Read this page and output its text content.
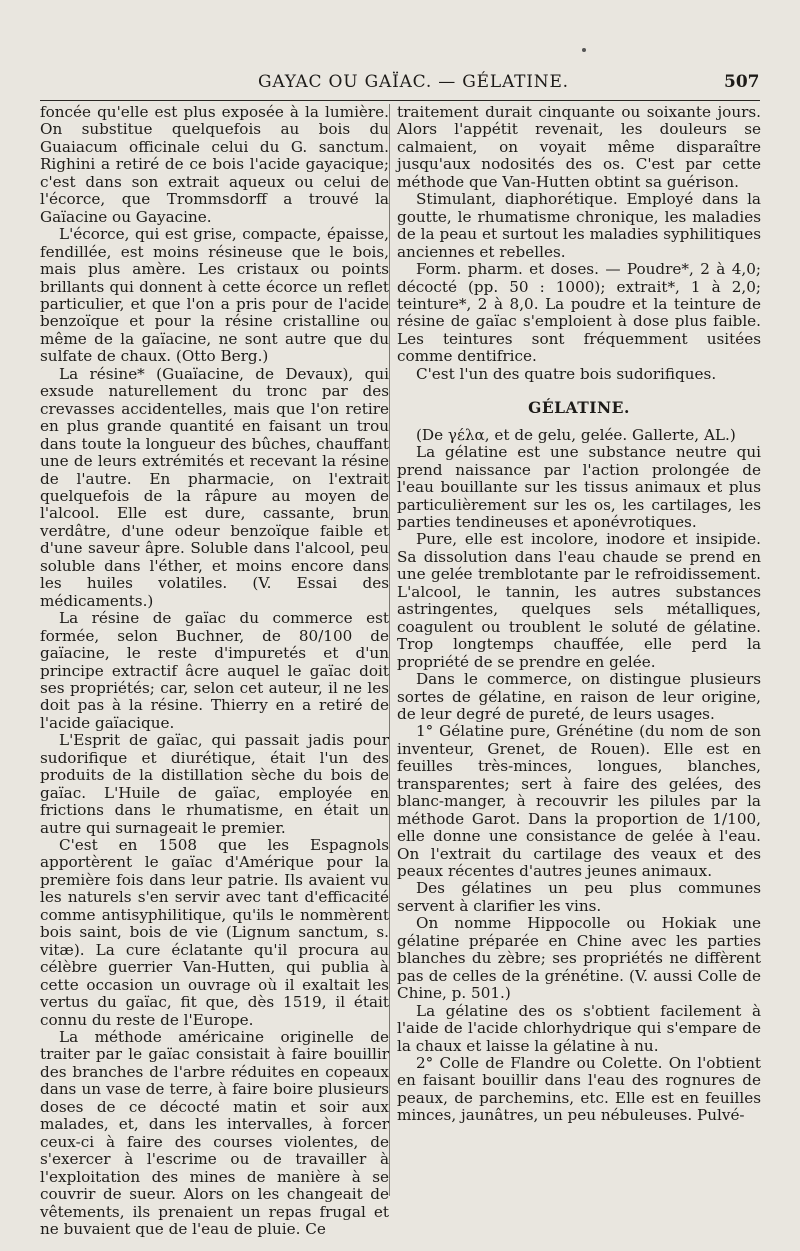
GAYAC OU GAÏAC. — GÉLATINE.	507

foncée qu'elle est plus exposée à la lumière. On substitue quelquefois au bois du Guaiacum officinale celui du G. sanctum. Righini a retiré de ce bois l'acide gayacique; c'est dans son extrait aqueux ou celui de l'écorce, que Trommsdorff a trouvé la Gaïacine ou Gayacine.

L'écorce, qui est grise, compacte, épaisse, fendillée, est moins résineuse que le bois, mais plus amère. Les cristaux ou points brillants qui donnent à cette écorce un reflet particulier, et que l'on a pris pour de l'acide benzoïque et pour la résine cristalline ou même de la gaïacine, ne sont autre que du sulfate de chaux. (Otto Berg.)

La résine* (Guaïacine, de Devaux), qui exsude naturellement du tronc par des crevasses accidentelles, mais que l'on retire en plus grande quantité en faisant un trou dans toute la longueur des bûches, chauffant une de leurs extrémités et recevant la résine de l'autre. En pharmacie, on l'extrait quelquefois de la râpure au moyen de l'alcool. Elle est dure, cassante, brun verdâtre, d'une odeur benzoïque faible et d'une saveur âpre. Soluble dans l'alcool, peu soluble dans l'éther, et moins encore dans les huiles volatiles. (V. Essai des médicaments.)

La résine de gaïac du commerce est formée, selon Buchner, de 80/100 de gaïacine, le reste d'impuretés et d'un principe extractif âcre auquel le gaïac doit ses propriétés; car, selon cet auteur, il ne les doit pas à la résine. Thierry en a retiré de l'acide gaïacique.

L'Esprit de gaïac, qui passait jadis pour sudorifique et diurétique, était l'un des produits de la distillation sèche du bois de gaïac. L'Huile de gaïac, employée en frictions dans le rhumatisme, en était un autre qui surnageait le premier.

C'est en 1508 que les Espagnols apportèrent le gaïac d'Amérique pour la première fois dans leur patrie. Ils avaient vu les naturels s'en servir avec tant d'efficacité comme antisyphilitique, qu'ils le nommèrent bois saint, bois de vie (Lignum sanctum, s. vitæ). La cure éclatante qu'il procura au célèbre guerrier Van-Hutten, qui publia à cette occasion un ouvrage où il exaltait les vertus du gaïac, fit que, dès 1519, il était connu du reste de l'Europe.

La méthode américaine originelle de traiter par le gaïac consistait à faire bouillir des branches de l'arbre réduites en copeaux dans un vase de terre, à faire boire plusieurs doses de ce décocté matin et soir aux malades, et, dans les intervalles, à forcer ceux-ci à faire des courses violentes, de s'exercer à l'escrime ou de travailler à l'exploitation des mines de manière à se couvrir de sueur. Alors on les changeait de vêtements, ils prenaient un repas frugal et ne buvaient que de l'eau de pluie. Ce

traitement durait cinquante ou soixante jours. Alors l'appétit revenait, les douleurs se calmaient, on voyait même disparaître jusqu'aux nodosités des os. C'est par cette méthode que Van-Hutten obtint sa guérison.

Stimulant, diaphorétique. Employé dans la goutte, le rhumatisme chronique, les maladies de la peau et surtout les maladies syphilitiques anciennes et rebelles.

Form. pharm. et doses. — Poudre*, 2 à 4,0; décocté (pp. 50 : 1000); extrait*, 1 à 2,0; teinture*, 2 à 8,0. La poudre et la teinture de résine de gaïac s'emploient à dose plus faible. Les teintures sont fréquemment usitées comme dentifrice.

C'est l'un des quatre bois sudorifiques.

GÉLATINE.

(De γέλα, et de gelu, gelée. Gallerte, AL.)

La gélatine est une substance neutre qui prend naissance par l'action prolongée de l'eau bouillante sur les tissus animaux et plus particulièrement sur les os, les cartilages, les parties tendineuses et aponévrotiques.

Pure, elle est incolore, inodore et insipide. Sa dissolution dans l'eau chaude se prend en une gelée tremblotante par le refroidissement. L'alcool, le tannin, les autres substances astringentes, quelques sels métalliques, coagulent ou troublent le soluté de gélatine. Trop longtemps chauffée, elle perd la propriété de se prendre en gelée.

Dans le commerce, on distingue plusieurs sortes de gélatine, en raison de leur origine, de leur degré de pureté, de leurs usages.

1° Gélatine pure, Grénétine (du nom de son inventeur, Grenet, de Rouen). Elle est en feuilles très-minces, longues, blanches, transparentes; sert à faire des gelées, des blanc-manger, à recouvrir les pilules par la méthode Garot. Dans la proportion de 1/100, elle donne une consistance de gelée à l'eau. On l'extrait du cartilage des veaux et des peaux récentes d'autres jeunes animaux.

Des gélatines un peu plus communes servent à clarifier les vins.

On nomme Hippocolle ou Hokiak une gélatine préparée en Chine avec les parties blanches du zèbre; ses propriétés ne diffèrent pas de celles de la grénétine. (V. aussi Colle de Chine, p. 501.)

La gélatine des os s'obtient facilement à l'aide de l'acide chlorhydrique qui s'empare de la chaux et laisse la gélatine à nu.

2° Colle de Flandre ou Colette. On l'obtient en faisant bouillir dans l'eau des rognures de peaux, de parchemins, etc. Elle est en feuilles minces, jaunâtres, un peu nébuleuses. Pulvé-
